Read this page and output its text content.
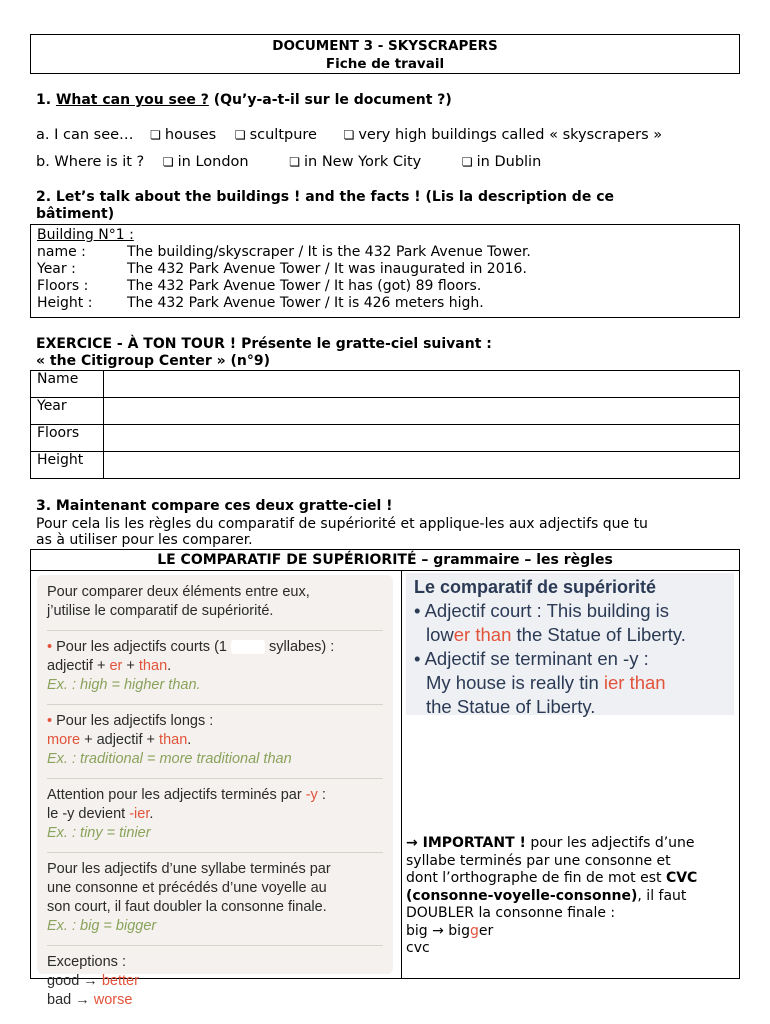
DOCUMENT 3 - SKYSCRAPERS
Fiche de travail
1. What can you see ? (Qu’y-a-t-il sur le document ?)
a. I can see… ❏ houses ❏ scultpure ❏ very high buildings called « skyscrapers »
b. Where is it ? ❏ in London	❏ in New York City	❏ in Dublin
2. Let’s talk about the buildings ! and the facts ! (Lis la description de ce
bâtiment)
Building N°1 :
name :	The building/skyscraper / It is the 432 Park Avenue Tower.
Year :	The 432 Park Avenue Tower / It was inaugurated in 2016.
Floors :	The 432 Park Avenue Tower / It has (got) 89 floors.
Height :	The 432 Park Avenue Tower / It is 426 meters high.
EXERCICE - À TON TOUR ! Présente le gratte-ciel suivant :
« the Citigroup Center » (n°9)
Name	
Year	
Floors	
Height	
3. Maintenant compare ces deux gratte-ciel !
Pour cela lis les règles du comparatif de supériorité et applique-les aux adjectifs que tu
as à utiliser pour les comparer.
LE COMPARATIF DE SUPÉRIORITÉ – grammaire – les règles

Pour comparer deux éléments entre eux,
j’utilise le comparatif de supériorité.

• Pour les adjectifs courts (1	syllabes) :
adjectif + er + than.
Ex. : high = higher than.

• Pour les adjectifs longs :
more + adjectif + than.
Ex. : traditional = more traditional than

Attention pour les adjectifs terminés par -y :
le -y devient -ier.
Ex. : tiny = tinier

Pour les adjectifs d’une syllabe terminés par
une consonne et précédés d’une voyelle au
son court, il faut doubler la consonne finale.
Ex. : big = bigger

Exceptions :
good → better
bad → worse

Le comparatif de supériorité
• Adjectif court : This building is
lower than the Statue of Liberty.
• Adjectif se terminant en -y :
My house is really tin ier than
the Statue of Liberty.
→ IMPORTANT ! pour les adjectifs d’une
syllabe terminés par une consonne et
dont l’orthographe de fin de mot est CVC
(consonne-voyelle-consonne), il faut
DOUBLER la consonne finale :
big → bigger
cvc
